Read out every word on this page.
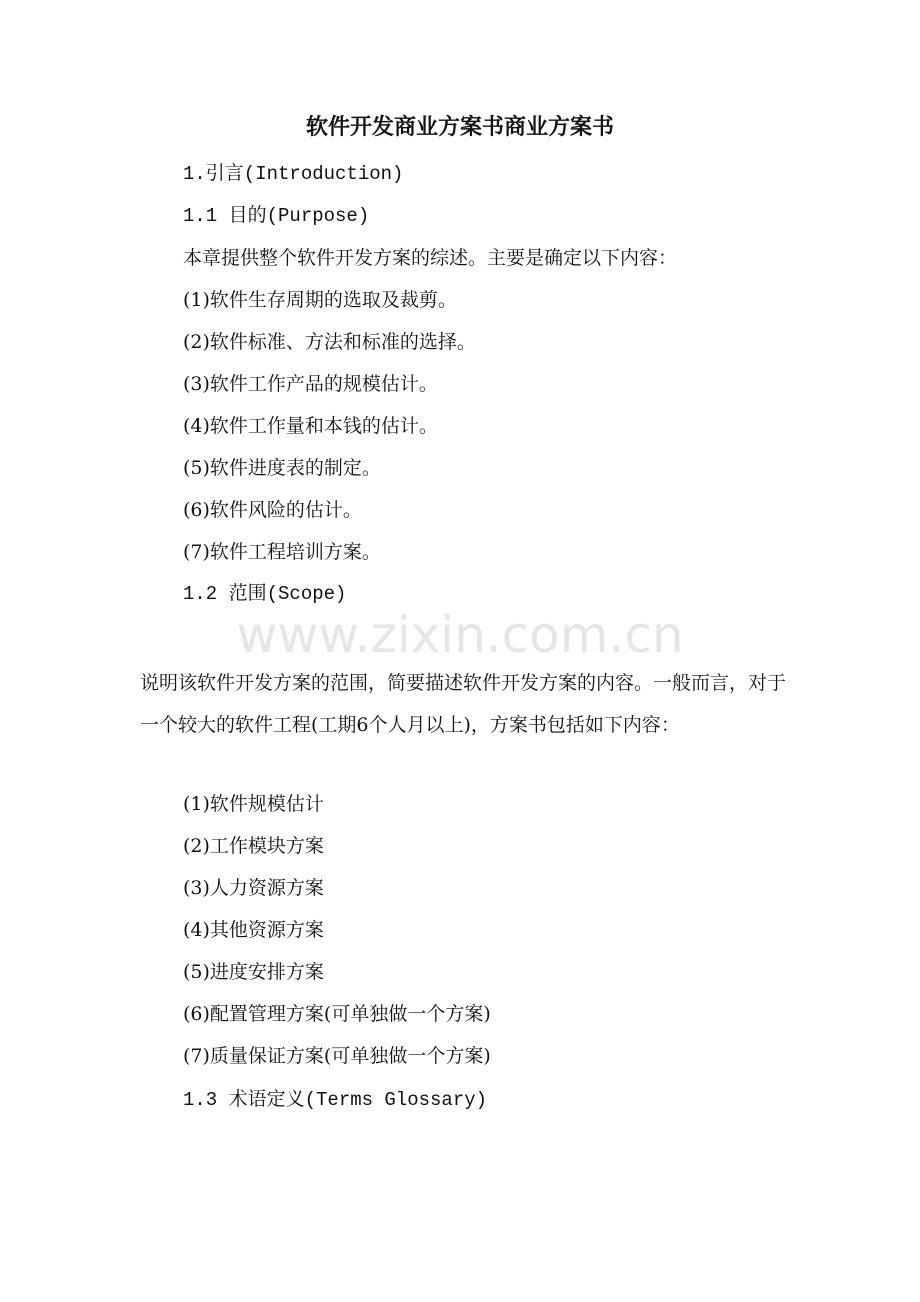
www.zixin.com.cn
软件开发商业方案书商业方案书
1.引言(Introduction)
1.1 目的(Purpose)
本章提供整个软件开发方案的综述。主要是确定以下内容：
(1)软件生存周期的选取及裁剪。
(2)软件标准、方法和标准的选择。
(3)软件工作产品的规模估计。
(4)软件工作量和本钱的估计。
(5)软件进度表的制定。
(6)软件风险的估计。
(7)软件工程培训方案。
1.2 范围(Scope)
说明该软件开发方案的范围，简要描述软件开发方案的内容。一般而言，对于一个较大的软件工程(工期6个人月以上)，方案书包括如下内容：
(1)软件规模估计
(2)工作模块方案
(3)人力资源方案
(4)其他资源方案
(5)进度安排方案
(6)配置管理方案(可单独做一个方案)
(7)质量保证方案(可单独做一个方案)
1.3 术语定义(Terms Glossary)
